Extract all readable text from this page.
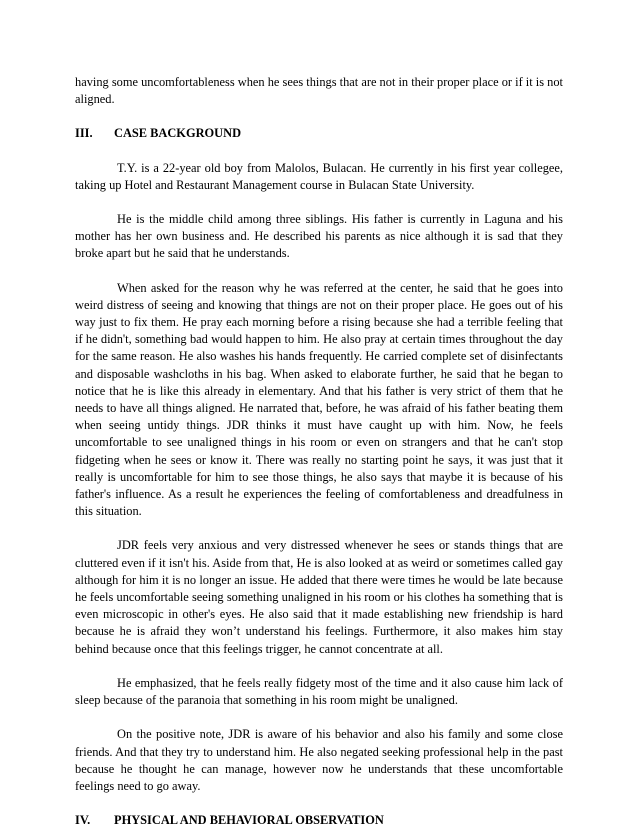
having some uncomfortableness when he sees things that are not in their proper place or if it is not aligned.

III.	CASE BACKGROUND

T.Y. is a 22-year old boy from Malolos, Bulacan. He currently in his first year collegee, taking up Hotel and Restaurant Management course in Bulacan State University.

He is the middle child among three siblings. His father is currently in Laguna and his mother has her own business and. He described his parents as nice although it is sad that they broke apart but he said that he understands.

When asked for the reason why he was referred at the center, he said that he goes into weird distress of seeing and knowing that things are not on their proper place. He goes out of his way just to fix them. He pray each morning before a rising because she had a terrible feeling that if he didn't, something bad would happen to him. He also pray at certain times throughout the day for the same reason. He also washes his hands frequently. He carried complete set of disinfectants and disposable washcloths in his bag. When asked to elaborate further, he said that he began to notice that he is like this already in elementary. And that his father is very strict of them that he needs to have all things aligned. He narrated that, before, he was afraid of his father beating them when seeing untidy things. JDR thinks it must have caught up with him. Now, he feels uncomfortable to see unaligned things in his room or even on strangers and that he can't stop fidgeting when he sees or know it. There was really no starting point he says, it was just that it really is uncomfortable for him to see those things, he also says that maybe it is because of his father's influence. As a result he experiences the feeling of comfortableness and dreadfulness in this situation.

JDR feels very anxious and very distressed whenever he sees or stands things that are cluttered even if it isn't his. Aside from that, He is also looked at as weird or sometimes called gay although for him it is no longer an issue. He added that there were times he would be late because he feels uncomfortable seeing something unaligned in his room or his clothes ha something that is even microscopic in other's eyes. He also said that it made establishing new friendship is hard because he is afraid they won’t understand his feelings. Furthermore, it also makes him stay behind because once that this feelings trigger, he cannot concentrate at all.

He emphasized, that he feels really fidgety most of the time and it also cause him lack of sleep because of the paranoia that something in his room might be unaligned.

On the positive note, JDR is aware of his behavior and also his family and some close friends. And that they try to understand him. He also negated seeking professional help in the past because he thought he can manage, however now he understands that these uncomfortable feelings need to go away.

IV.	PHYSICAL AND BEHAVIORAL OBSERVATION
